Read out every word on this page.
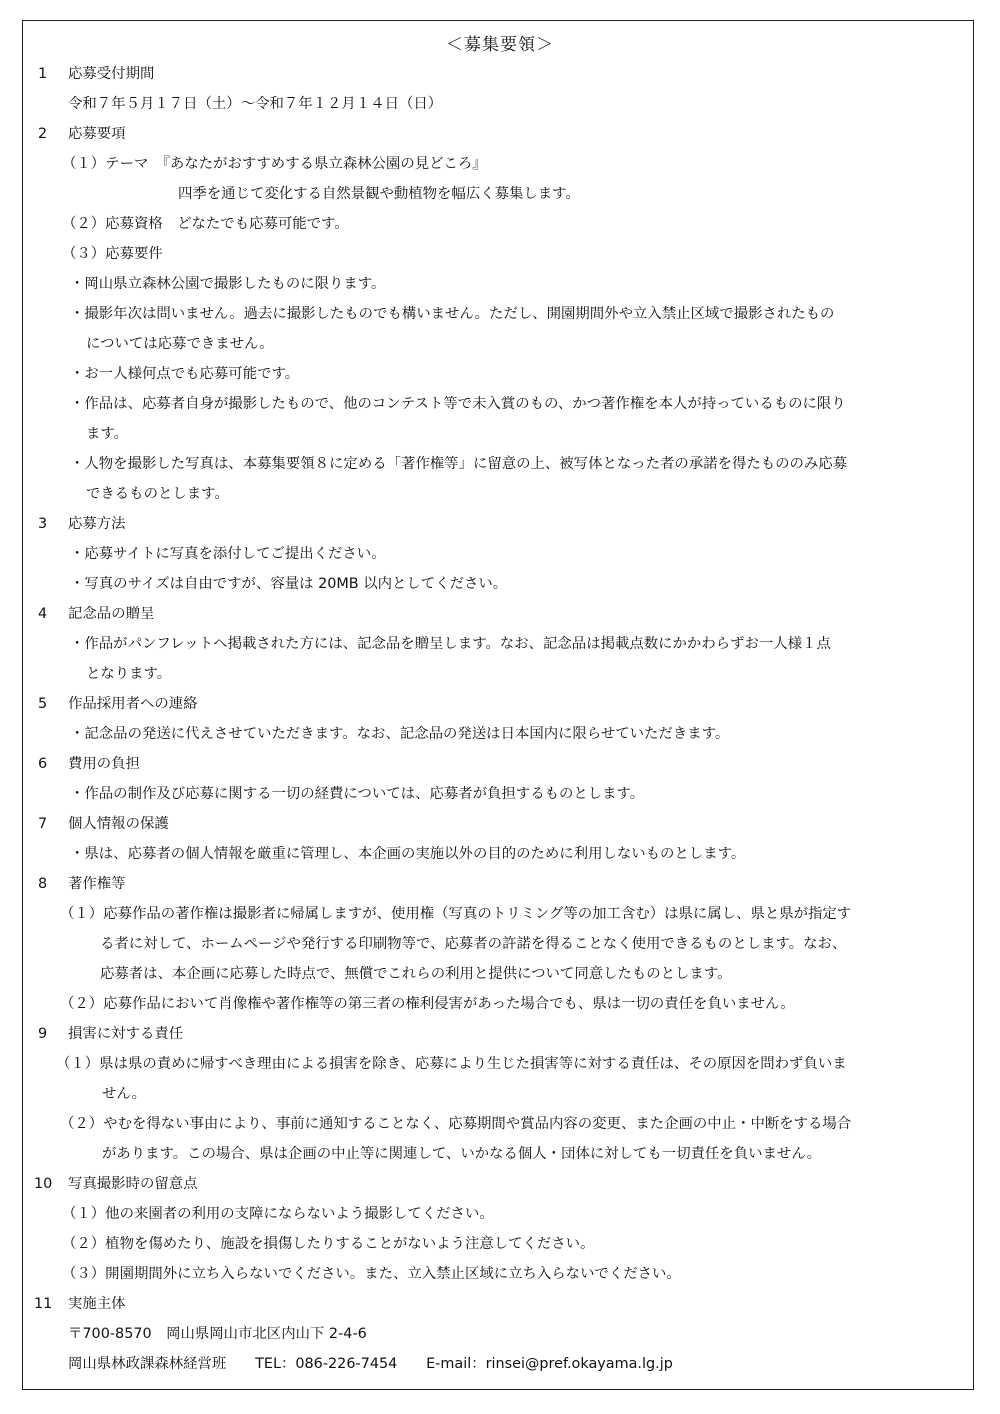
＜募集要領＞
1 応募受付期間
令和７年５月１７日（土）～令和７年１２月１４日（日）
2 応募要項
（１）テーマ　『あなたがおすすめする県立森林公園の見どころ』
四季を通じて変化する自然景観や動植物を幅広く募集します。
（２）応募資格　どなたでも応募可能です。
（３）応募要件
・岡山県立森林公園で撮影したものに限ります。
・撮影年次は問いません。過去に撮影したものでも構いません。ただし、開園期間外や立入禁止区域で撮影されたもの
については応募できません。
・お一人様何点でも応募可能です。
・作品は、応募者自身が撮影したもので、他のコンテスト等で未入賞のもの、かつ著作権を本人が持っているものに限り
ます。
・人物を撮影した写真は、本募集要領８に定める「著作権等」に留意の上、被写体となった者の承諾を得たもののみ応募
できるものとします。
3 応募方法
・応募サイトに写真を添付してご提出ください。
・写真のサイズは自由ですが、容量は 20MB 以内としてください。
4 記念品の贈呈
・作品がパンフレットへ掲載された方には、記念品を贈呈します。なお、記念品は掲載点数にかかわらずお一人様１点
となります。
5 作品採用者への連絡
・記念品の発送に代えさせていただきます。なお、記念品の発送は日本国内に限らせていただきます。
6 費用の負担
・作品の制作及び応募に関する一切の経費については、応募者が負担するものとします。
7 個人情報の保護
・県は、応募者の個人情報を厳重に管理し、本企画の実施以外の目的のために利用しないものとします。
8 著作権等
（１）応募作品の著作権は撮影者に帰属しますが、使用権（写真のトリミング等の加工含む）は県に属し、県と県が指定す
る者に対して、ホームページや発行する印刷物等で、応募者の許諾を得ることなく使用できるものとします。なお、
応募者は、本企画に応募した時点で、無償でこれらの利用と提供について同意したものとします。
（２）応募作品において肖像権や著作権等の第三者の権利侵害があった場合でも、県は一切の責任を負いません。
9 損害に対する責任
（１）県は県の責めに帰すべき理由による損害を除き、応募により生じた損害等に対する責任は、その原因を問わず負いま
せん。
（２）やむを得ない事由により、事前に通知することなく、応募期間や賞品内容の変更、また企画の中止・中断をする場合
があります。この場合、県は企画の中止等に関連して、いかなる個人・団体に対しても一切責任を負いません。
10 写真撮影時の留意点
（１）他の来園者の利用の支障にならないよう撮影してください。
（２）植物を傷めたり、施設を損傷したりすることがないよう注意してください。
（３）開園期間外に立ち入らないでください。また、立入禁止区域に立ち入らないでください。
11 実施主体
〒700-8570　岡山県岡山市北区内山下 2-4-6
岡山県林政課森林経営班　　TEL：086-226-7454　　E-mail：rinsei@pref.okayama.lg.jp
